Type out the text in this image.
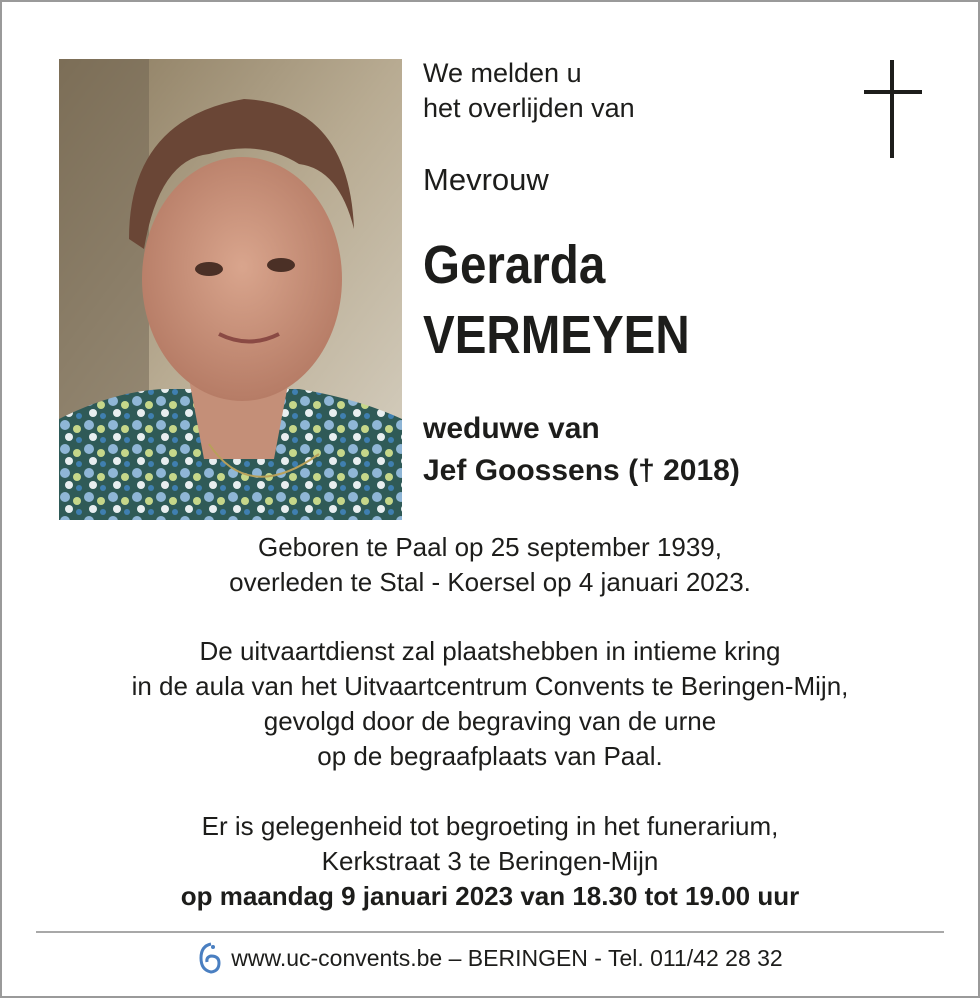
We melden u
het overlijden van
Mevrouw
Gerarda
VERMEYEN
weduwe van
Jef Goossens († 2018)
Geboren te Paal op 25 september 1939,
overleden te Stal - Koersel op 4 januari 2023.
De uitvaartdienst zal plaatshebben in intieme kring
in de aula van het Uitvaartcentrum Convents te Beringen-Mijn,
gevolgd door de begraving van de urne
op de begraafplaats van Paal.
Er is gelegenheid tot begroeting in het funerarium,
Kerkstraat 3 te Beringen-Mijn
op maandag 9 januari 2023 van 18.30 tot 19.00 uur
www.uc-convents.be – BERINGEN - Tel. 011/42 28 32
